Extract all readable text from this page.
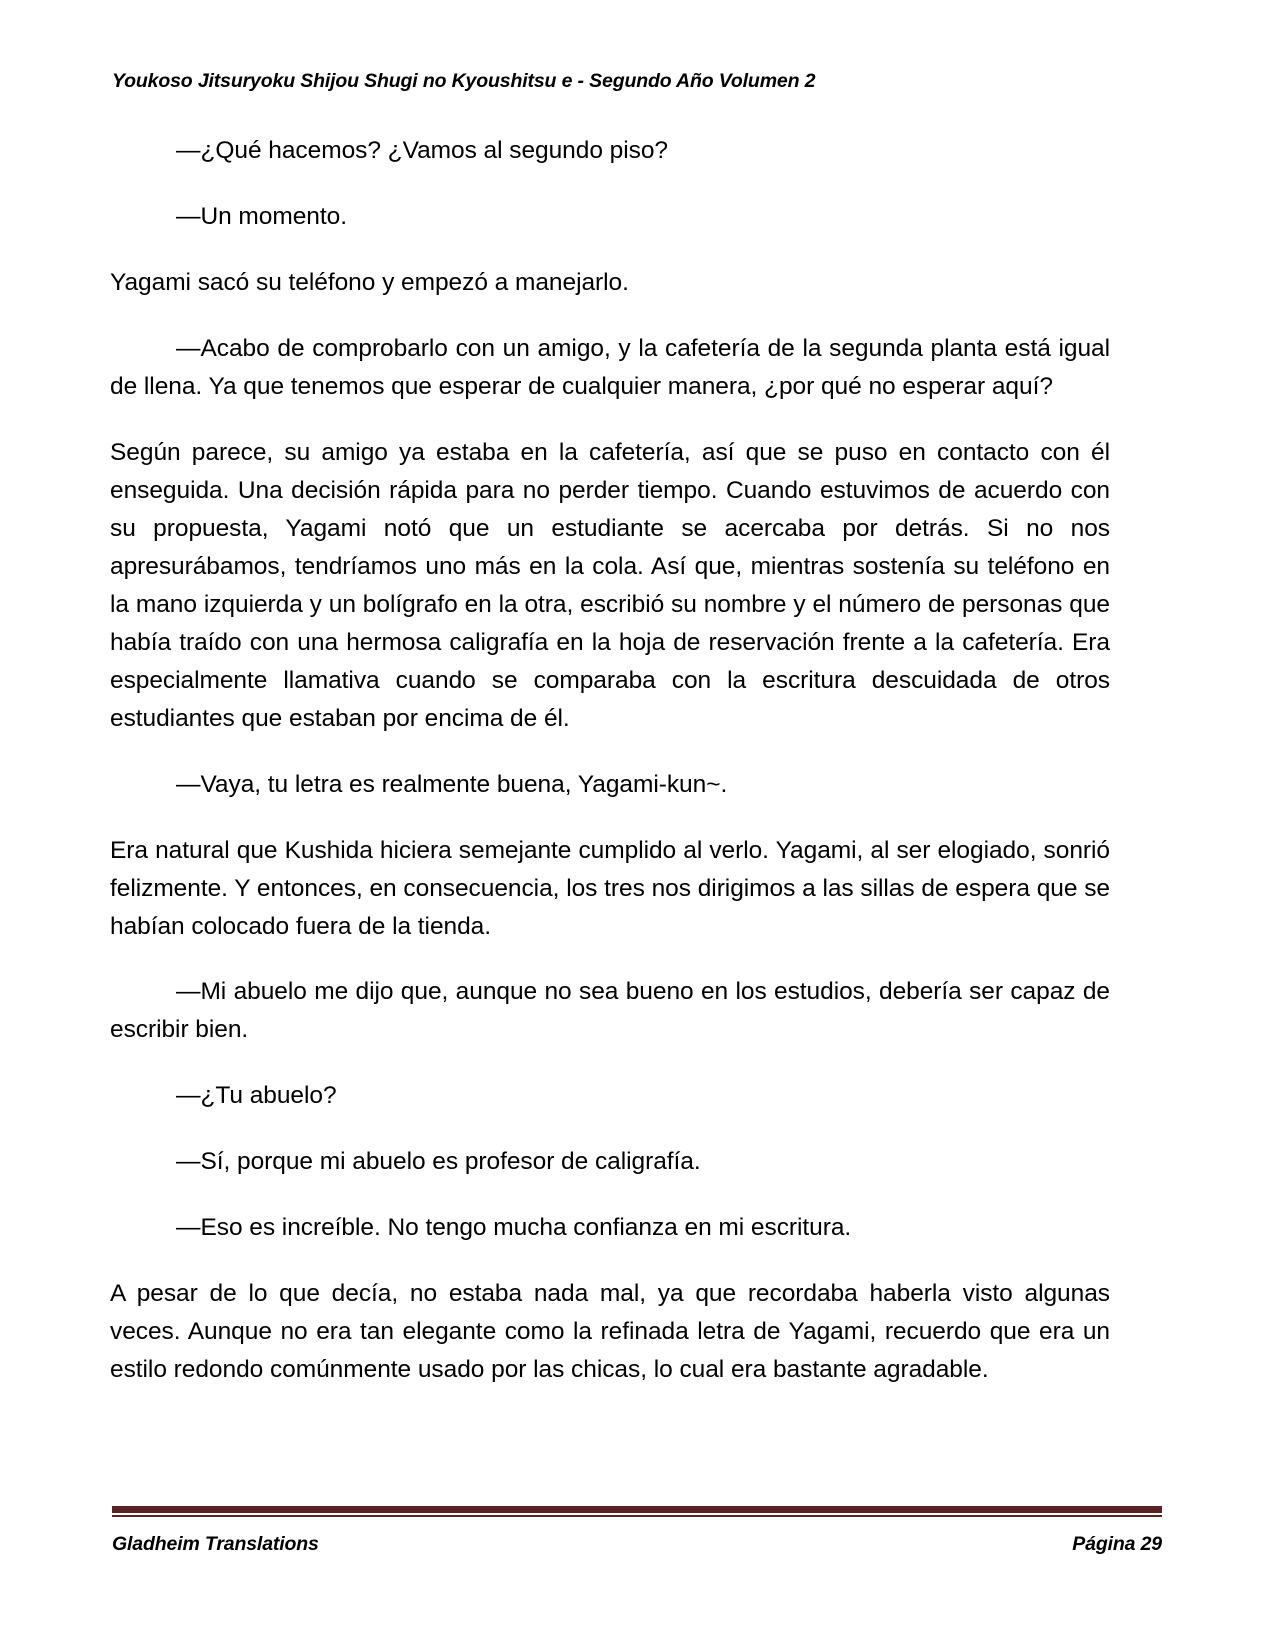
Youkoso Jitsuryoku Shijou Shugi no Kyoushitsu e - Segundo Año Volumen 2

—¿Qué hacemos? ¿Vamos al segundo piso?

—Un momento.

Yagami sacó su teléfono y empezó a manejarlo.

—Acabo de comprobarlo con un amigo, y la cafetería de la segunda planta está igual de llena. Ya que tenemos que esperar de cualquier manera, ¿por qué no esperar aquí?

Según parece, su amigo ya estaba en la cafetería, así que se puso en contacto con él enseguida. Una decisión rápida para no perder tiempo. Cuando estuvimos de acuerdo con su propuesta, Yagami notó que un estudiante se acercaba por detrás. Si no nos apresurábamos, tendríamos uno más en la cola. Así que, mientras sostenía su teléfono en la mano izquierda y un bolígrafo en la otra, escribió su nombre y el número de personas que había traído con una hermosa caligrafía en la hoja de reservación frente a la cafetería. Era especialmente llamativa cuando se comparaba con la escritura descuidada de otros estudiantes que estaban por encima de él.

—Vaya, tu letra es realmente buena, Yagami-kun~.

Era natural que Kushida hiciera semejante cumplido al verlo. Yagami, al ser elogiado, sonrió felizmente. Y entonces, en consecuencia, los tres nos dirigimos a las sillas de espera que se habían colocado fuera de la tienda.

—Mi abuelo me dijo que, aunque no sea bueno en los estudios, debería ser capaz de escribir bien.

—¿Tu abuelo?

—Sí, porque mi abuelo es profesor de caligrafía.

—Eso es increíble. No tengo mucha confianza en mi escritura.

A pesar de lo que decía, no estaba nada mal, ya que recordaba haberla visto algunas veces. Aunque no era tan elegante como la refinada letra de Yagami, recuerdo que era un estilo redondo comúnmente usado por las chicas, lo cual era bastante agradable.

Gladheim Translations	Página 29
